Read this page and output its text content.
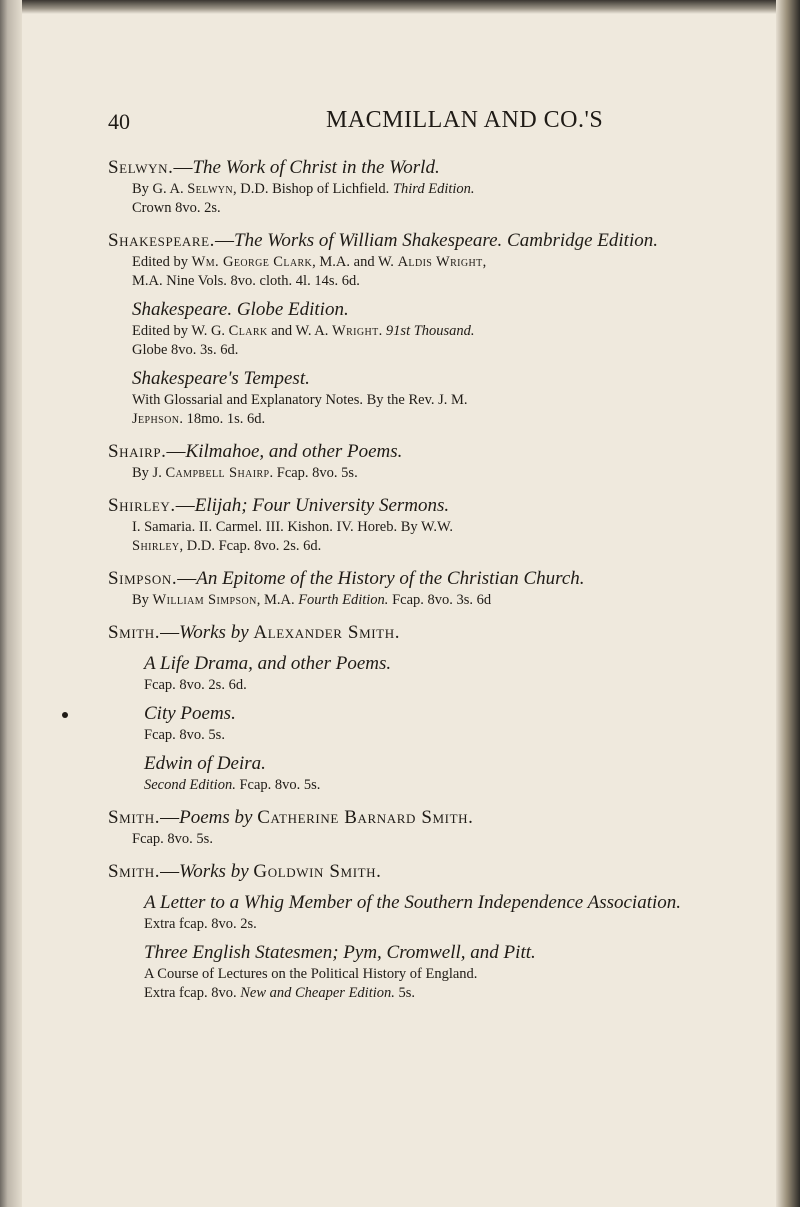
40	MACMILLAN AND CO.'S
Selwyn.—The Work of Christ in the World.
By G. A. Selwyn, D.D. Bishop of Lichfield. Third Edition.
Crown 8vo. 2s.
Shakespeare.—The Works of William Shakespeare. Cambridge Edition.
Edited by Wm. George Clark, M.A. and W. Aldis Wright,
M.A. Nine Vols. 8vo. cloth. 4l. 14s. 6d.
Shakespeare. Globe Edition.
Edited by W. G. Clark and W. A. Wright. 91st Thousand.
Globe 8vo. 3s. 6d.
Shakespeare's Tempest.
With Glossarial and Explanatory Notes. By the Rev. J. M.
Jephson. 18mo. 1s. 6d.
Shairp.—Kilmahoe, and other Poems.
By J. Campbell Shairp. Fcap. 8vo. 5s.
Shirley.—Elijah; Four University Sermons.
I. Samaria. II. Carmel. III. Kishon. IV. Horeb. By W.W.
Shirley, D.D. Fcap. 8vo. 2s. 6d.
Simpson.—An Epitome of the History of the Christian Church.
By William Simpson, M.A. Fourth Edition. Fcap. 8vo. 3s. 6d
Smith.—Works by Alexander Smith.
A Life Drama, and other Poems.
Fcap. 8vo. 2s. 6d.
City Poems.
Fcap. 8vo. 5s.
Edwin of Deira.
Second Edition. Fcap. 8vo. 5s.
Smith.—Poems by Catherine Barnard Smith.
Fcap. 8vo. 5s.
Smith.—Works by Goldwin Smith.
A Letter to a Whig Member of the Southern Independence Association.
Extra fcap. 8vo. 2s.
Three English Statesmen; Pym, Cromwell, and Pitt.
A Course of Lectures on the Political History of England.
Extra fcap. 8vo. New and Cheaper Edition. 5s.
